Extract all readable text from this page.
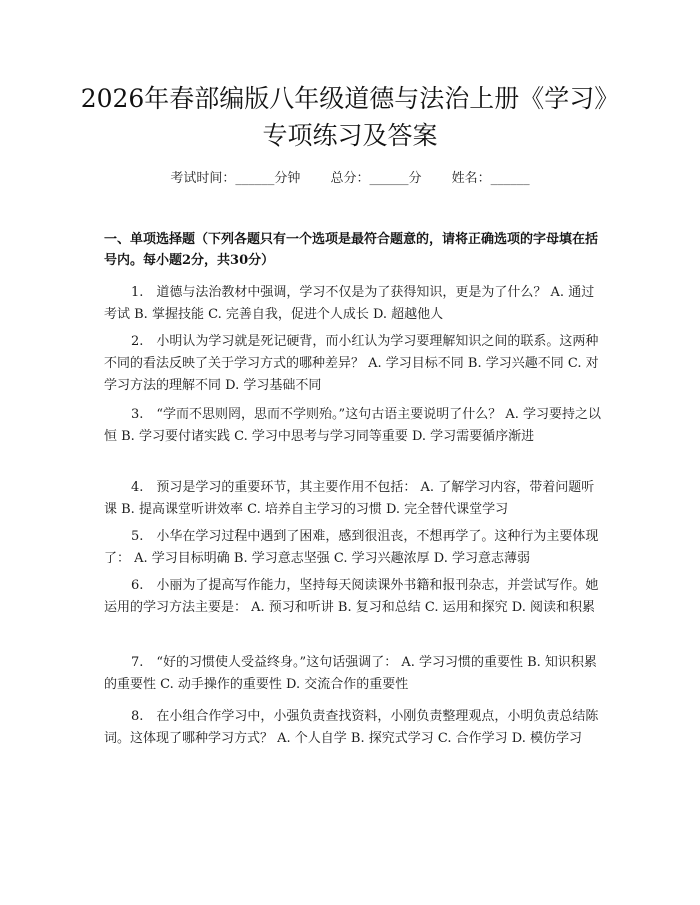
2026年春部编版八年级道德与法治上册《学习》专项练习及答案
考试时间：______分钟 总分：______分 姓名：______

一、单项选择题（下列各题只有一个选项是最符合题意的，请将正确选项的字母填在括号内。每小题2分，共30分）

1.　道德与法治教材中强调，学习不仅是为了获得知识，更是为了什么？ A. 通过考试 B. 掌握技能 C. 完善自我，促进个人成长 D. 超越他人

2.　小明认为学习就是死记硬背，而小红认为学习要理解知识之间的联系。这两种不同的看法反映了关于学习方式的哪种差异？ A. 学习目标不同 B. 学习兴趣不同 C. 对学习方法的理解不同 D. 学习基础不同

3.　“学而不思则罔，思而不学则殆。”这句古语主要说明了什么？ A. 学习要持之以恒 B. 学习要付诸实践 C. 学习中思考与学习同等重要 D. 学习需要循序渐进

4.　预习是学习的重要环节，其主要作用不包括： A. 了解学习内容，带着问题听课 B. 提高课堂听讲效率 C. 培养自主学习的习惯 D. 完全替代课堂学习

5.　小华在学习过程中遇到了困难，感到很沮丧，不想再学了。这种行为主要体现了： A. 学习目标明确 B. 学习意志坚强 C. 学习兴趣浓厚 D. 学习意志薄弱

6.　小丽为了提高写作能力，坚持每天阅读课外书籍和报刊杂志，并尝试写作。她运用的学习方法主要是： A. 预习和听讲 B. 复习和总结 C. 运用和探究 D. 阅读和积累

7.　“好的习惯使人受益终身。”这句话强调了： A. 学习习惯的重要性 B. 知识积累的重要性 C. 动手操作的重要性 D. 交流合作的重要性

8.　在小组合作学习中，小强负责查找资料，小刚负责整理观点，小明负责总结陈词。这体现了哪种学习方式？ A. 个人自学 B. 探究式学习 C. 合作学习 D. 模仿学习
